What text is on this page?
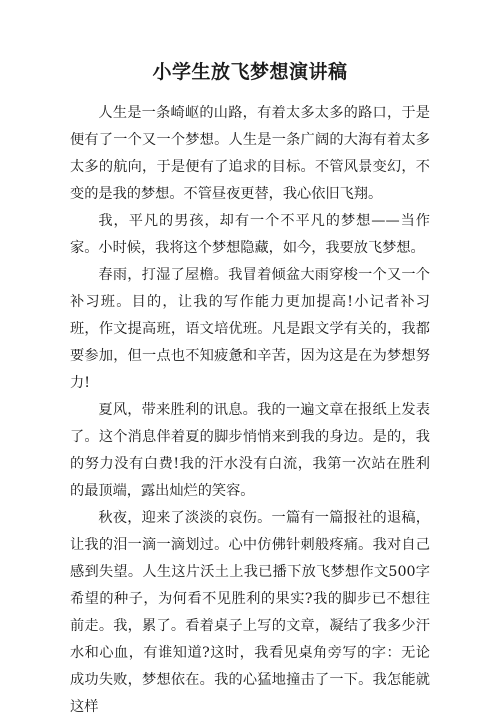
小学生放飞梦想演讲稿

人生是一条崎岖的山路，有着太多太多的路口，于是便有了一个又一个梦想。人生是一条广阔的大海有着太多太多的航向，于是便有了追求的目标。不管风景变幻，不变的是我的梦想。不管昼夜更替，我心依旧飞翔。

我，平凡的男孩，却有一个不平凡的梦想——当作家。小时候，我将这个梦想隐藏，如今，我要放飞梦想。

春雨，打湿了屋檐。我冒着倾盆大雨穿梭一个又一个补习班。目的，让我的写作能力更加提高!小记者补习班，作文提高班，语文培优班。凡是跟文学有关的，我都要参加，但一点也不知疲惫和辛苦，因为这是在为梦想努力!

夏风，带来胜利的讯息。我的一遍文章在报纸上发表了。这个消息伴着夏的脚步悄悄来到我的身边。是的，我的努力没有白费!我的汗水没有白流，我第一次站在胜利的最顶端，露出灿烂的笑容。

秋夜，迎来了淡淡的哀伤。一篇有一篇报社的退稿，让我的泪一滴一滴划过。心中仿佛针刺般疼痛。我对自己感到失望。人生这片沃土上我已播下放飞梦想作文500字希望的种子，为何看不见胜利的果实?我的脚步已不想往前走。我，累了。看着桌子上写的文章，凝结了我多少汗水和心血，有谁知道?这时，我看见桌角旁写的字：无论成功失败，梦想依在。我的心猛地撞击了一下。我怎能就这样
